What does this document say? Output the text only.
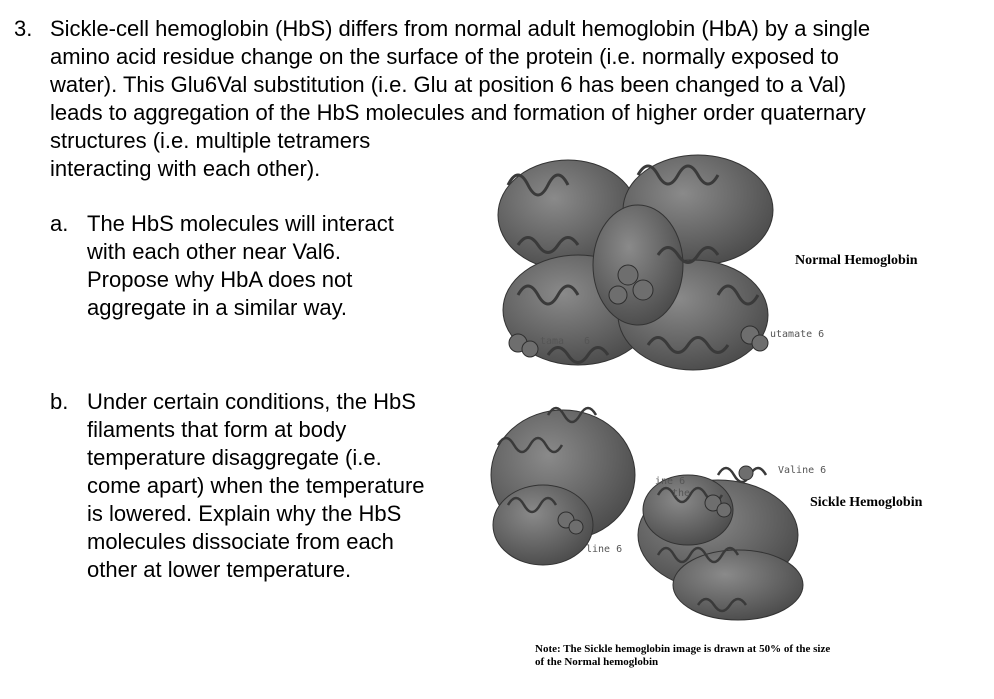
3. Sickle-cell hemoglobin (HbS) differs from normal adult hemoglobin (HbA) by a single
amino acid residue change on the surface of the protein (i.e. normally exposed to
water). This Glu6Val substitution (i.e. Glu at position 6 has been changed to a Val)
leads to aggregation of the HbS molecules and formation of higher order quaternary
structures (i.e. multiple tetramers
interacting with each other).
a. The HbS molecules will interact
with each other near Val6.
Propose why HbA does not
aggregate in a similar way.
b. Under certain conditions, the HbS
filaments that form at body
temperature disaggregate (i.e.
come apart) when the temperature
is lowered. Explain why the HbS
molecules dissociate from each
other at lower temperature.
tama 6
utamate 6
Normal Hemoglobin
Valine 6
ine 6
the
line 6
Sickle Hemoglobin
Note: The Sickle hemoglobin image is drawn at 50% of the size
of the Normal hemoglobin
